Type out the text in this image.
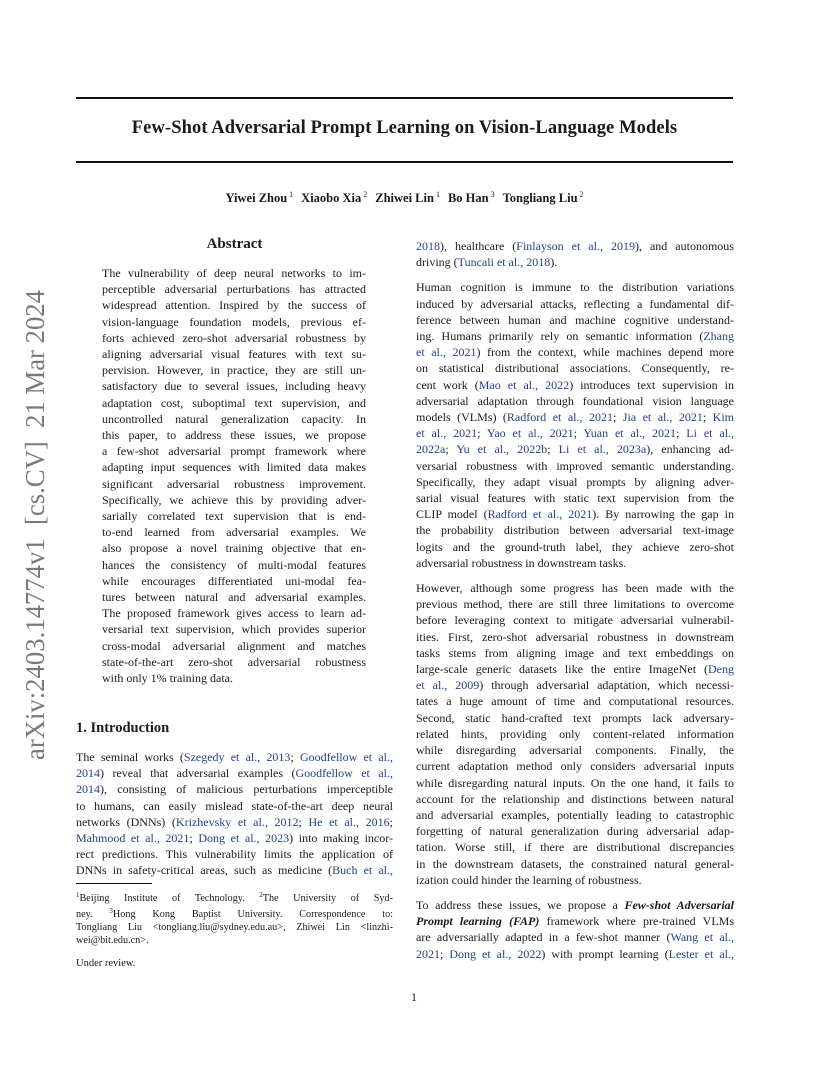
Few-Shot Adversarial Prompt Learning on Vision-Language Models
Yiwei Zhou $^1$ Xiaobo Xia $^2$ Zhiwei Lin $^1$ Bo Han $^3$ Tongliang Liu $^2$
arXiv:2403.14774v1  [cs.CV]  21 Mar 2024
Abstract
The vulnerability of deep neural networks to im-
perceptible adversarial perturbations has attracted
widespread attention. Inspired by the success of
vision-language foundation models, previous ef-
forts achieved zero-shot adversarial robustness by
aligning adversarial visual features with text su-
pervision. However, in practice, they are still un-
satisfactory due to several issues, including heavy
adaptation cost, suboptimal text supervision, and
uncontrolled natural generalization capacity. In
this paper, to address these issues, we propose
a few-shot adversarial prompt framework where
adapting input sequences with limited data makes
significant adversarial robustness improvement.
Specifically, we achieve this by providing adver-
sarially correlated text supervision that is end-
to-end learned from adversarial examples. We
also propose a novel training objective that en-
hances the consistency of multi-modal features
while encourages differentiated uni-modal fea-
tures between natural and adversarial examples.
The proposed framework gives access to learn ad-
versarial text supervision, which provides superior
cross-modal adversarial alignment and matches
state-of-the-art zero-shot adversarial robustness
with only 1% training data.
1. Introduction
The seminal works (Szegedy et al., 2013; Goodfellow et al.,
2014) reveal that adversarial examples (Goodfellow et al.,
2014), consisting of malicious perturbations imperceptible
to humans, can easily mislead state-of-the-art deep neural
networks (DNNs) (Krizhevsky et al., 2012; He et al., 2016;
Mahmood et al., 2021; Dong et al., 2023) into making incor-
rect predictions. This vulnerability limits the application of
DNNs in safety-critical areas, such as medicine (Buch et al.,
$^1$Beijing Institute of Technology. $^2$The University of Syd-
ney. $^3$Hong Kong Baptist University. Correspondence to:
Tongliang Liu <tongliang.liu@sydney.edu.au>, Zhiwei Lin <linzhi-
wei@bit.edu.cn>.
Under review.
2018), healthcare (Finlayson et al., 2019), and autonomous
driving (Tuncali et al., 2018).
Human cognition is immune to the distribution variations
induced by adversarial attacks, reflecting a fundamental dif-
ference between human and machine cognitive understand-
ing. Humans primarily rely on semantic information (Zhang
et al., 2021) from the context, while machines depend more
on statistical distributional associations. Consequently, re-
cent work (Mao et al., 2022) introduces text supervision in
adversarial adaptation through foundational vision language
models (VLMs) (Radford et al., 2021; Jia et al., 2021; Kim
et al., 2021; Yao et al., 2021; Yuan et al., 2021; Li et al.,
2022a; Yu et al., 2022b; Li et al., 2023a), enhancing ad-
versarial robustness with improved semantic understanding.
Specifically, they adapt visual prompts by aligning adver-
sarial visual features with static text supervision from the
CLIP model (Radford et al., 2021). By narrowing the gap in
the probability distribution between adversarial text-image
logits and the ground-truth label, they achieve zero-shot
adversarial robustness in downstream tasks.
However, although some progress has been made with the
previous method, there are still three limitations to overcome
before leveraging context to mitigate adversarial vulnerabil-
ities. First, zero-shot adversarial robustness in downstream
tasks stems from aligning image and text embeddings on
large-scale generic datasets like the entire ImageNet (Deng
et al., 2009) through adversarial adaptation, which necessi-
tates a huge amount of time and computational resources.
Second, static hand-crafted text prompts lack adversary-
related hints, providing only content-related information
while disregarding adversarial components. Finally, the
current adaptation method only considers adversarial inputs
while disregarding natural inputs. On the one hand, it fails to
account for the relationship and distinctions between natural
and adversarial examples, potentially leading to catastrophic
forgetting of natural generalization during adversarial adap-
tation. Worse still, if there are distributional discrepancies
in the downstream datasets, the constrained natural general-
ization could hinder the learning of robustness.
To address these issues, we propose a Few-shot Adversarial
Prompt learning (FAP) framework where pre-trained VLMs
are adversarially adapted in a few-shot manner (Wang et al.,
2021; Dong et al., 2022) with prompt learning (Lester et al.,
1
